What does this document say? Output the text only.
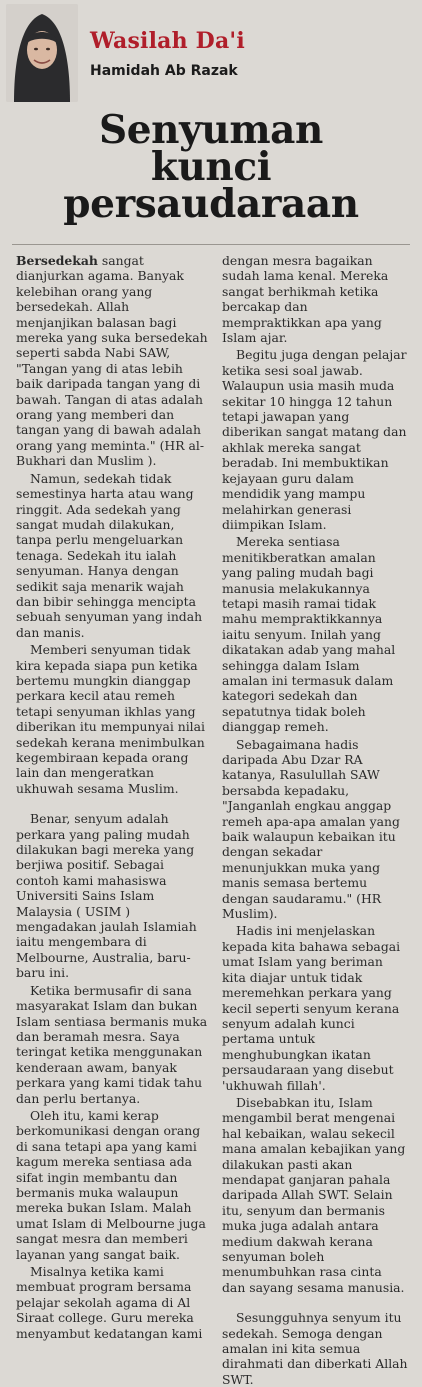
Wasilah Da'i
Hamidah Ab Razak
Senyuman
kunci
persaudaraan

Bersedekah sangat dianjurkan agama. Banyak kelebihan orang yang bersedekah. Allah menjanjikan balasan bagi mereka yang suka bersedekah seperti sabda Nabi SAW, "Tangan yang di atas lebih baik daripada tangan yang di bawah. Tangan di atas adalah orang yang memberi dan tangan yang di bawah adalah orang yang meminta." (HR al-Bukhari dan Muslim ).

Namun, sedekah tidak semestinya harta atau wang ringgit. Ada sedekah yang sangat mudah dilakukan, tanpa perlu mengeluarkan tenaga. Sedekah itu ialah senyuman. Hanya dengan sedikit saja menarik wajah dan bibir sehingga mencipta sebuah senyuman yang indah dan manis.

Memberi senyuman tidak kira kepada siapa pun ketika bertemu mungkin dianggap perkara kecil atau remeh tetapi senyuman ikhlas yang diberikan itu mempunyai nilai sedekah kerana menimbulkan kegembiraan kepada orang lain dan mengeratkan ukhuwah sesama Muslim.

Benar, senyum adalah perkara yang paling mudah dilakukan bagi mereka yang berjiwa positif. Sebagai contoh kami mahasiswa Universiti Sains Islam Malaysia ( USIM ) mengadakan jaulah Islamiah iaitu mengembara di Melbourne, Australia, baru-baru ini.

Ketika bermusafir di sana masyarakat Islam dan bukan Islam sentiasa bermanis muka dan beramah mesra. Saya teringat ketika menggunakan kenderaan awam, banyak perkara yang kami tidak tahu dan perlu bertanya.

Oleh itu, kami kerap berkomunikasi dengan orang di sana tetapi apa yang kami kagum mereka sentiasa ada sifat ingin membantu dan bermanis muka walaupun mereka bukan Islam. Malah umat Islam di Melbourne juga sangat mesra dan memberi layanan yang sangat baik.

Misalnya ketika kami membuat program bersama pelajar sekolah agama di Al Siraat college. Guru mereka menyambut kedatangan kami

dengan mesra bagaikan sudah lama kenal. Mereka sangat berhikmah ketika bercakap dan mempraktikkan apa yang Islam ajar.

Begitu juga dengan pelajar ketika sesi soal jawab. Walaupun usia masih muda sekitar 10 hingga 12 tahun tetapi jawapan yang diberikan sangat matang dan akhlak mereka sangat beradab. Ini membuktikan kejayaan guru dalam mendidik yang mampu melahirkan generasi diimpikan Islam.

Mereka sentiasa menitikberatkan amalan yang paling mudah bagi manusia melakukannya tetapi masih ramai tidak mahu mempraktikkannya iaitu senyum. Inilah yang dikatakan adab yang mahal sehingga dalam Islam amalan ini termasuk dalam kategori sedekah dan sepatutnya tidak boleh dianggap remeh.

Sebagaimana hadis daripada Abu Dzar RA katanya, Rasulullah SAW bersabda kepadaku, "Janganlah engkau anggap remeh apa-apa amalan yang baik walaupun kebaikan itu dengan sekadar menunjukkan muka yang manis semasa bertemu dengan saudaramu." (HR Muslim).

Hadis ini menjelaskan kepada kita bahawa sebagai umat Islam yang beriman kita diajar untuk tidak meremehkan perkara yang kecil seperti senyum kerana senyum adalah kunci pertama untuk menghubungkan ikatan persaudaraan yang disebut 'ukhuwah fillah'.

Disebabkan itu, Islam mengambil berat mengenai hal kebaikan, walau sekecil mana amalan kebajikan yang dilakukan pasti akan mendapat ganjaran pahala daripada Allah SWT. Selain itu, senyum dan bermanis muka juga adalah antara medium dakwah kerana senyuman boleh menumbuhkan rasa cinta dan sayang sesama manusia.

Sesungguhnya senyum itu sedekah. Semoga dengan amalan ini kita semua dirahmati dan diberkati Allah SWT.
